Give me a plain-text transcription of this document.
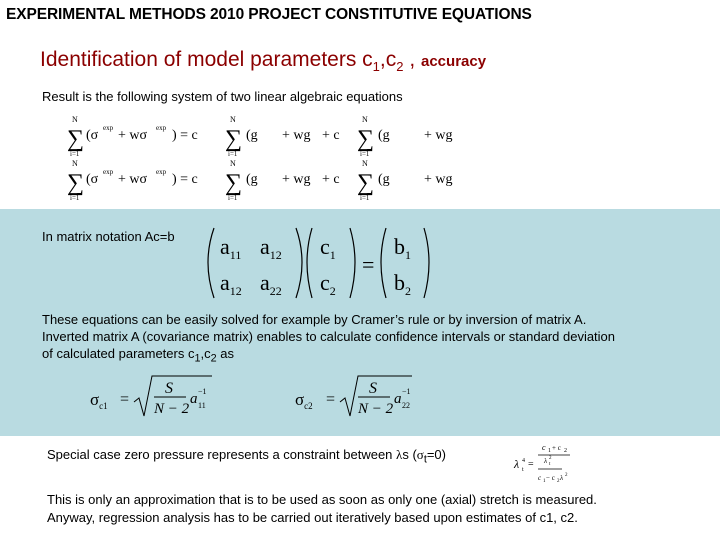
EXPERIMENTAL METHODS 2010 PROJECT CONSTITUTIVE EQUATIONS
Identification of model parameters $c_1,c_2$ , accuracy
Result is the following system of two linear algebraic equations
N
∑
i=1
(σ exp + wσ exp ) = c
N
∑
i=1
(g + wg + c
N
∑
i=1
(g + wg
N
∑
i=1
(σ exp + wσ exp ) = c
N
∑
i=1
(g + wg + c
N
∑
i=1
(g + wg
In matrix notation Ac=b $a_{11}$ $a_{12}$
$a_{12}$ $a_{22}$
$c_1$
$c_2$
=
$b_1$
$b_2$
These equations can be easily solved for example by Cramer’s rule or by inversion of matrix A.
Inverted matrix A (covariance matrix) enables to calculate confidence intervals or standard deviation
of calculated parameters $c_1,c_2$ as
$\sigma_{c1}$ =
S
N − 2
a −1
11	$\sigma_{c2}$ =
S
N − 2
a −1
22
Special case zero pressure represents a constraint between λs $(\sigma_t=0)$
λ 4
t =
c 1 + c 2
λ 2
t
c 1 − c 2 λ 2
This is only an approximation that is to be used as soon as only one (axial) stretch is measured.
Anyway, regression analysis has to be carried out iteratively based upon estimates of c1, c2.
